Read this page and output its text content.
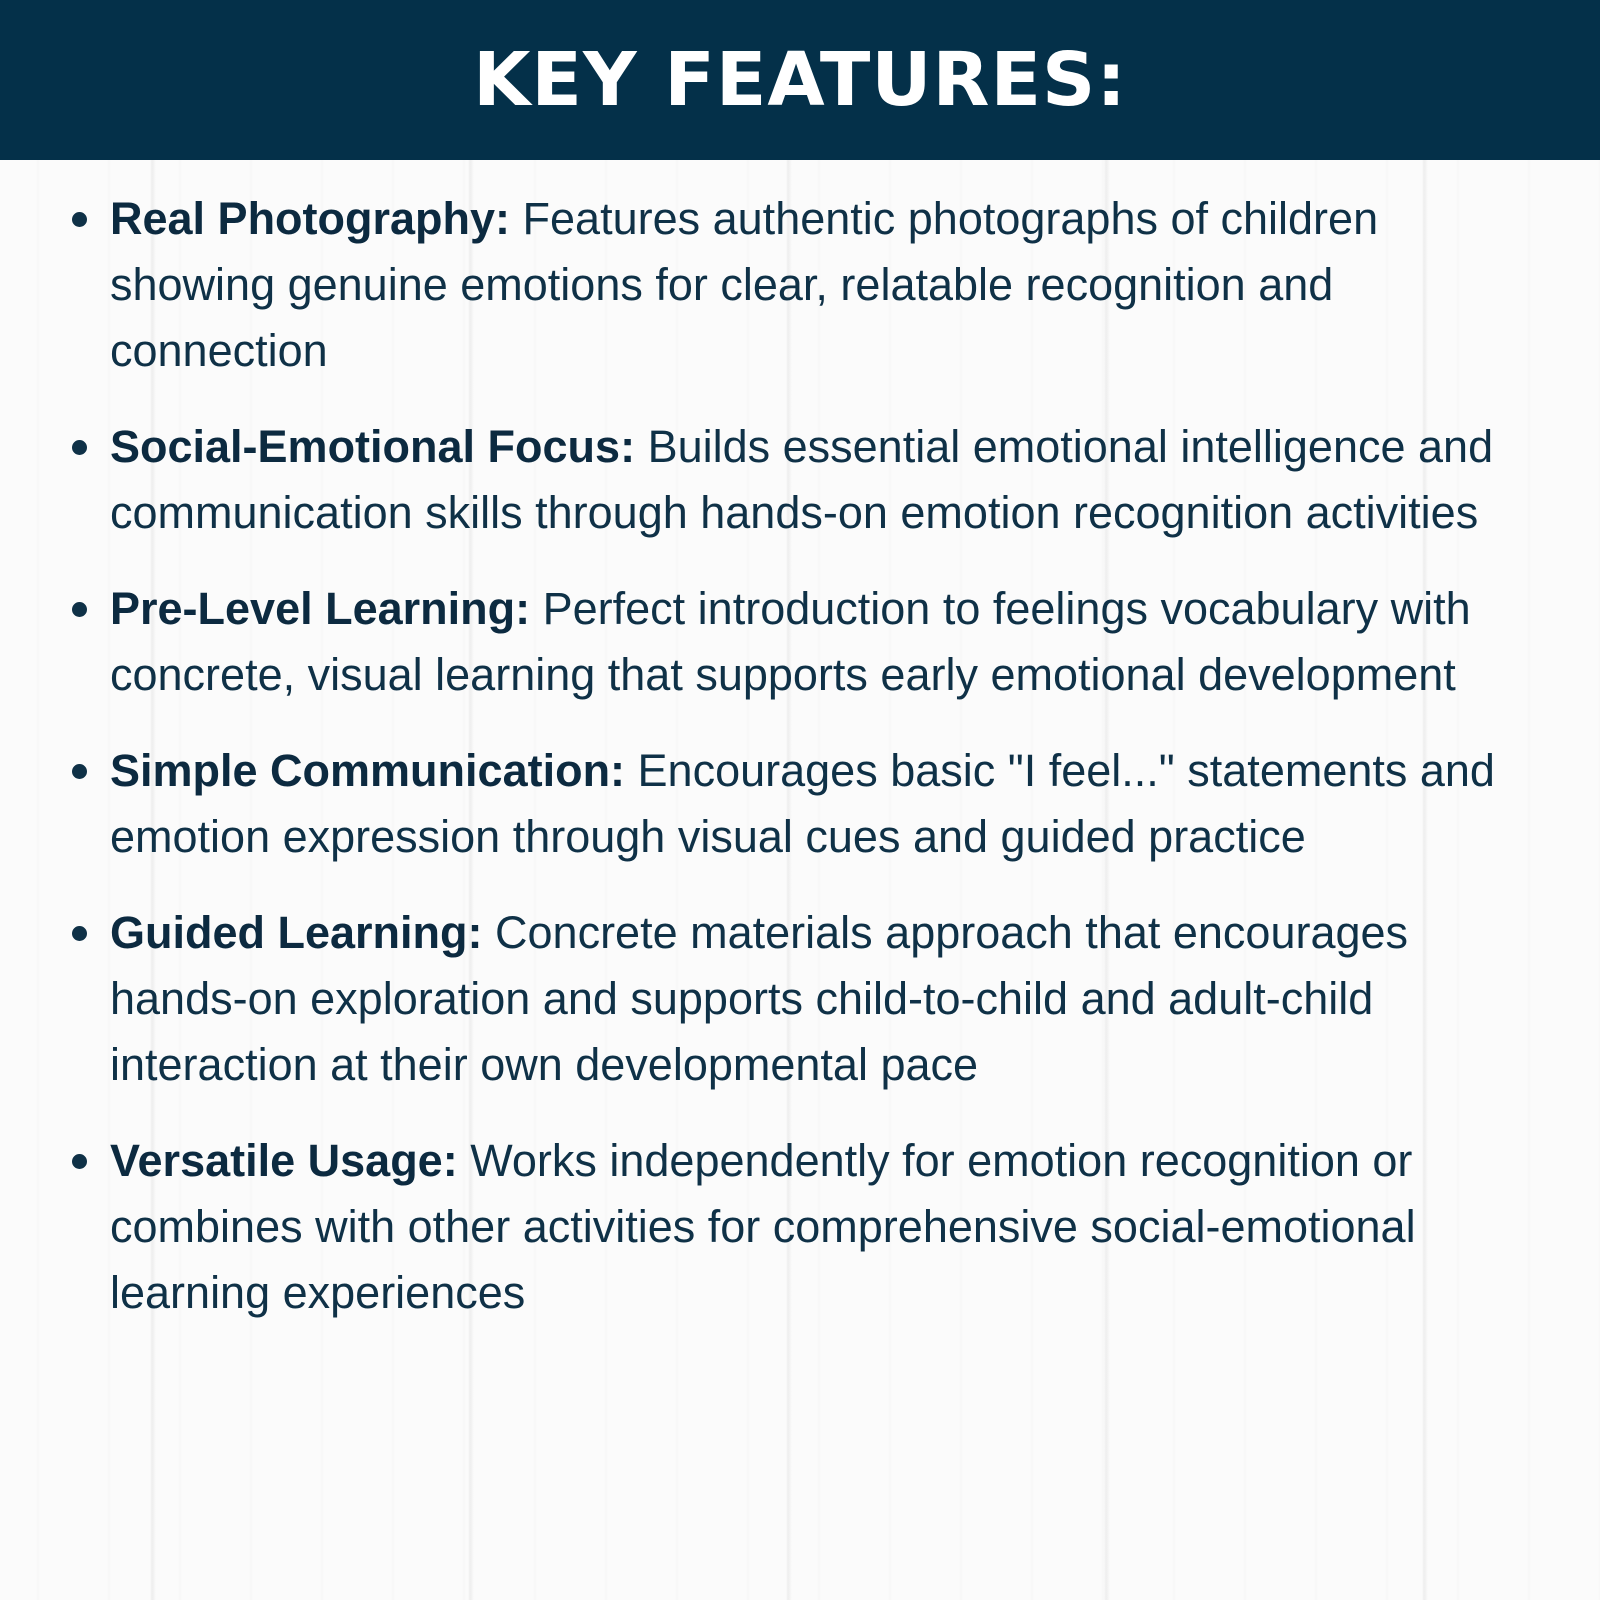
KEY FEATURES:
Real Photography: Features authentic photographs of children showing genuine emotions for clear, relatable recognition and connection
Social-Emotional Focus: Builds essential emotional intelligence and communication skills through hands-on emotion recognition activities
Pre-Level Learning: Perfect introduction to feelings vocabulary with concrete, visual learning that supports early emotional development
Simple Communication: Encourages basic "I feel..." statements and emotion expression through visual cues and guided practice
Guided Learning: Concrete materials approach that encourages hands-on exploration and supports child-to-child and adult-child interaction at their own developmental pace
Versatile Usage: Works independently for emotion recognition or combines with other activities for comprehensive social-emotional learning experiences
